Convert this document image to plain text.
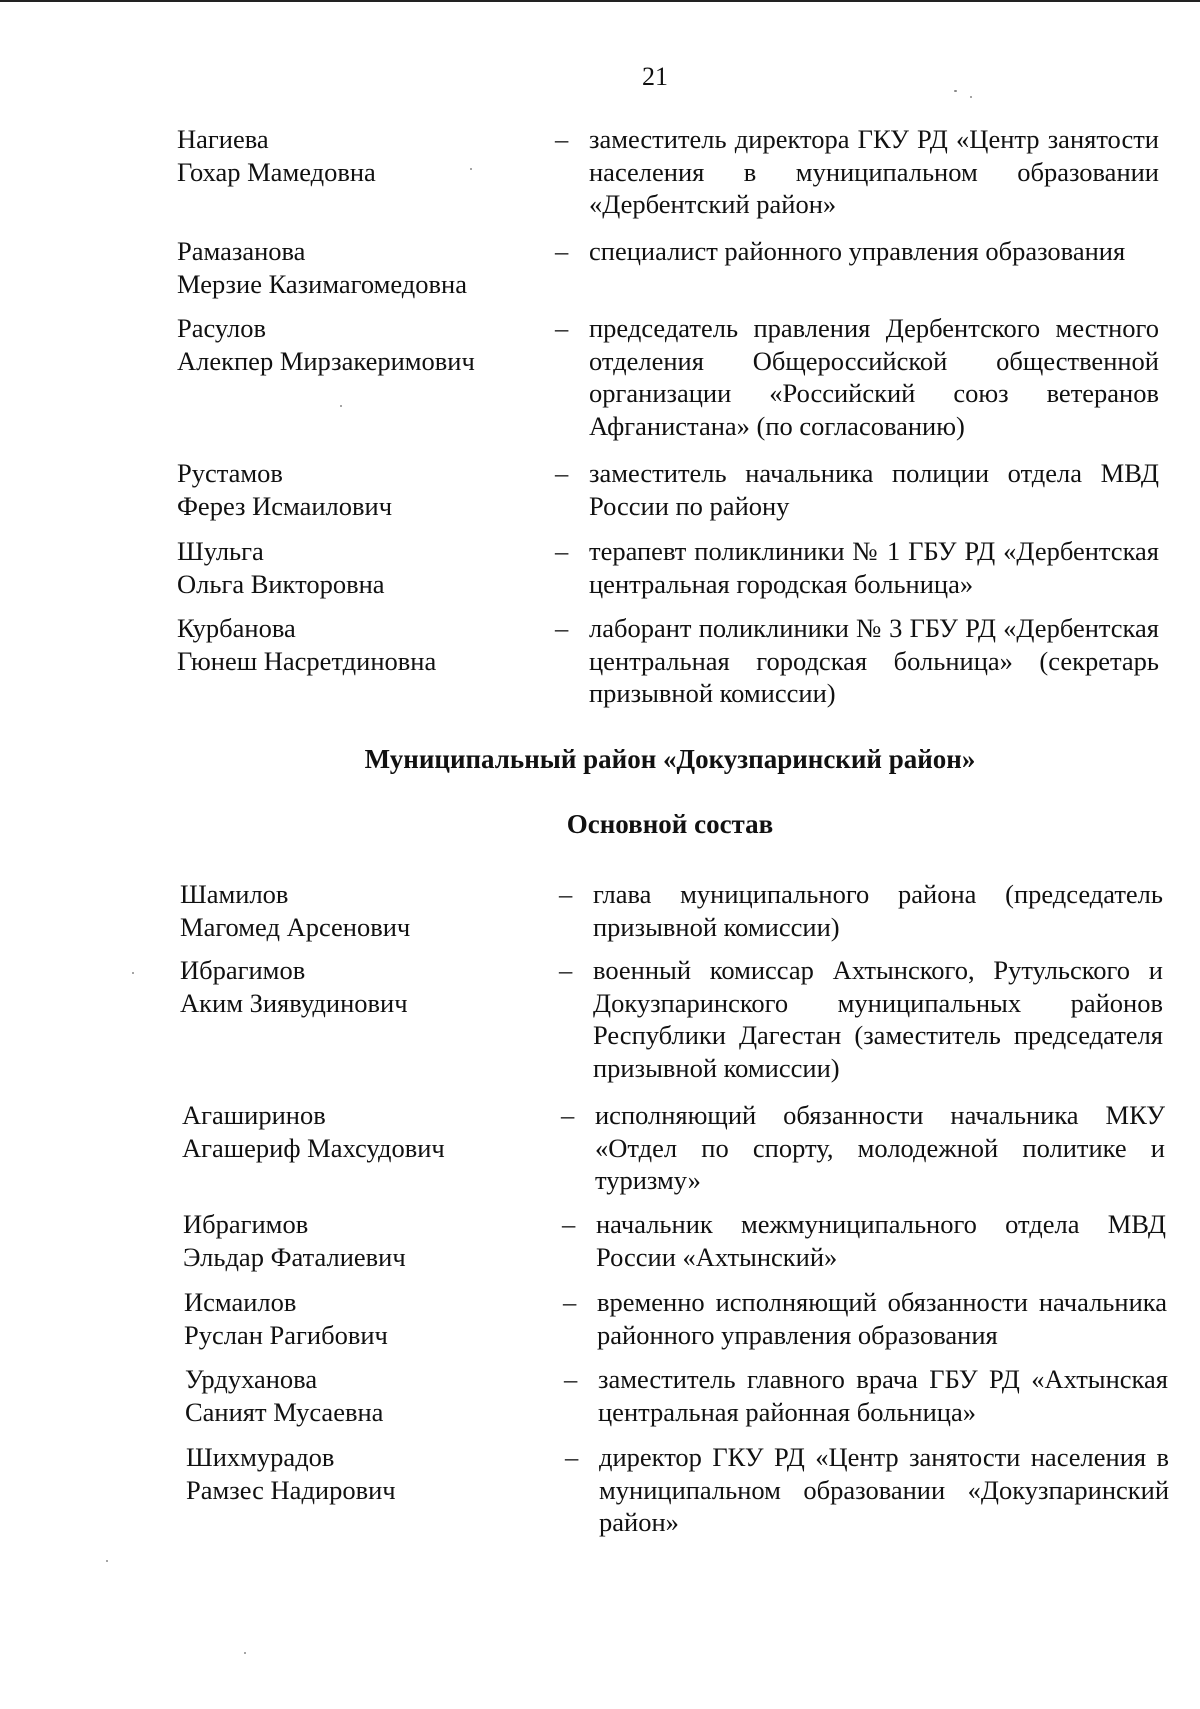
21
Нагиева
Гохар Мамедовна
– заместитель директора ГКУ РД «Центр занятости населения в муниципальном образовании «Дербентский район»
Рамазанова
Мерзие Казимагомедовна
– специалист районного управления образования
Расулов
Алекпер Мирзакеримович
– председатель правления Дербентского местного отделения Общероссийской общественной организации «Российский союз ветеранов Афганистана» (по согласованию)
Рустамов
Ферез Исмаилович
– заместитель начальника полиции отдела МВД России по району
Шульга
Ольга Викторовна
– терапевт поликлиники № 1 ГБУ РД «Дербентская центральная городская больница»
Курбанова
Гюнеш Насретдиновна
– лаборант поликлиники № 3 ГБУ РД «Дербентская центральная городская больница» (секретарь призывной комиссии)
Муниципальный район «Докузпаринский район»
Основной состав
Шамилов
Магомед Арсенович
– глава муниципального района (председатель призывной комиссии)
Ибрагимов
Аким Зиявудинович
– военный комиссар Ахтынского, Рутульского и Докузпаринского муниципальных районов Республики Дагестан (заместитель председателя призывной комиссии)
Агаширинов
Агашериф Махсудович
– исполняющий обязанности начальника МКУ «Отдел по спорту, молодежной политике и туризму»
Ибрагимов
Эльдар Фаталиевич
– начальник межмуниципального отдела МВД России «Ахтынский»
Исмаилов
Руслан Рагибович
– временно исполняющий обязанности начальника районного управления образования
Урдуханова
Саният Мусаевна
– заместитель главного врача ГБУ РД «Ахтынская центральная районная больница»
Шихмурадов
Рамзес Надирович
– директор ГКУ РД «Центр занятости населения в муниципальном образовании «Докузпаринский район»
